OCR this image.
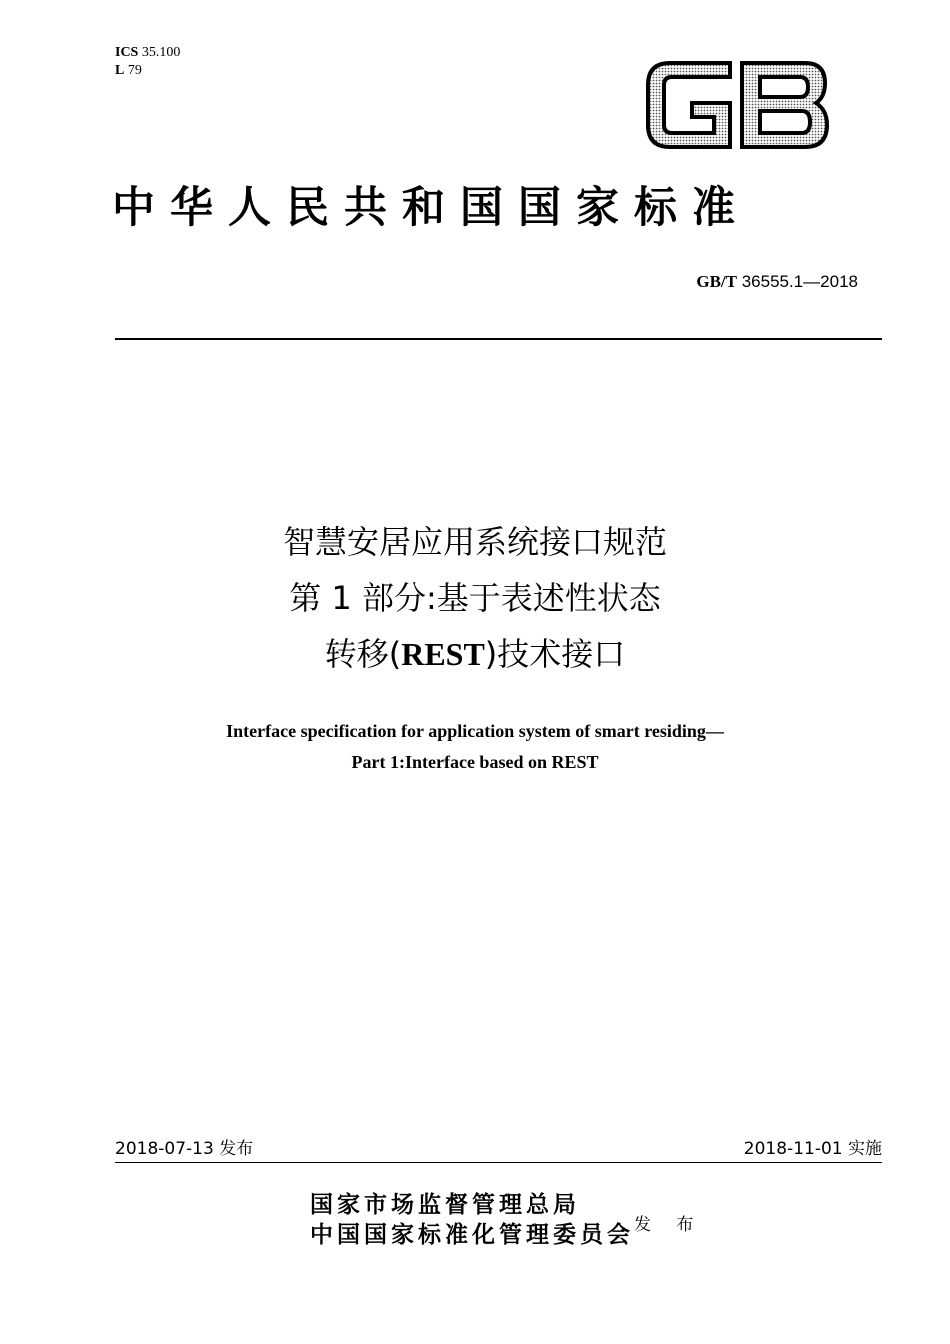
ICS 35.100
L 79
GB
中华人民共和国国家标准
GB/T 36555.1—2018
智慧安居应用系统接口规范
第 1 部分:基于表述性状态
转移(REST)技术接口
Interface specification for application system of smart residing—
Part 1:Interface based on REST
2018-07-13 发布	2018-11-01 实施
国家市场监督管理总局
中国国家标准化管理委员会 发 布
